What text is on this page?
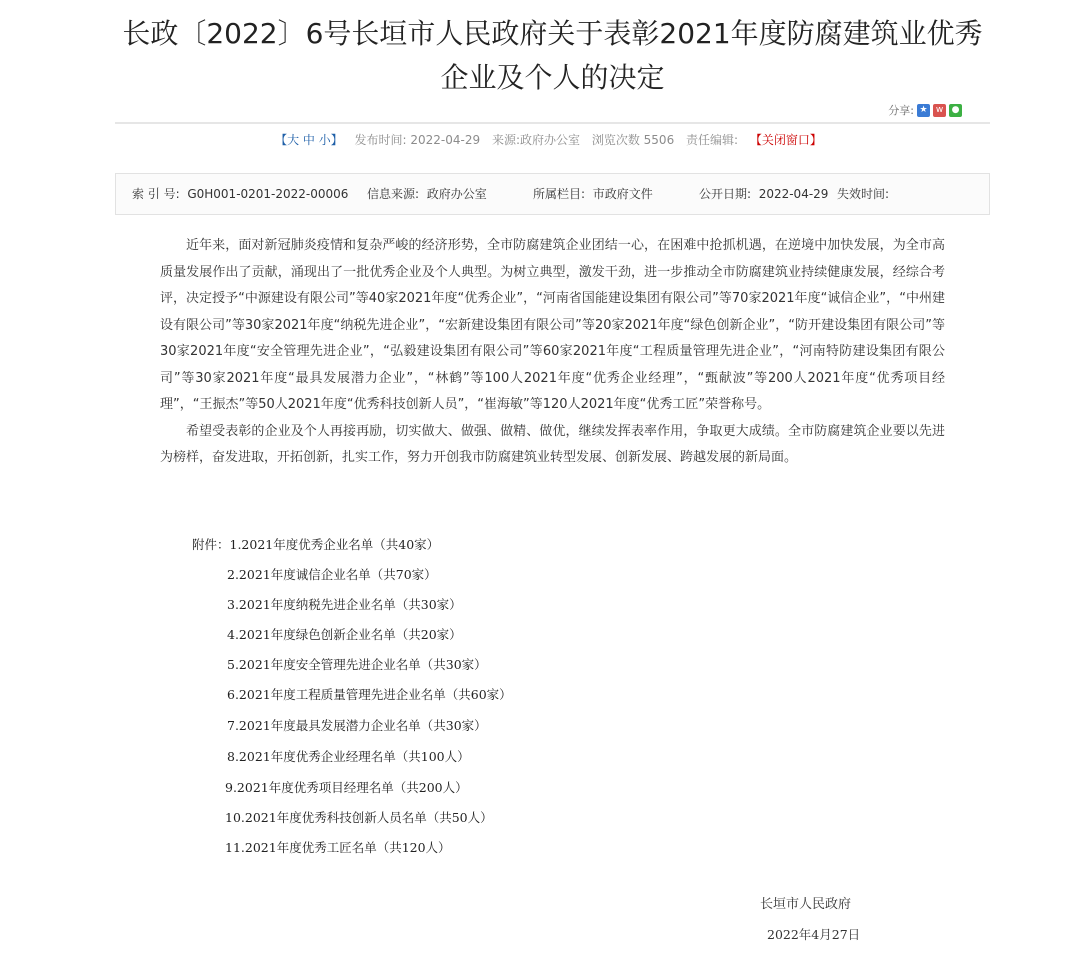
长政〔2022〕6号长垣市人民政府关于表彰2021年度防腐建筑业优秀企业及个人的决定
分享: ★ w ●
【大 中 小】 发布时间: 2022-04-29 来源:政府办公室 浏览次数 5506 责任编辑: 【关闭窗口】
索 引 号: G0H001-0201-2022-00006 信息来源: 政府办公室	所属栏目: 市政府文件	公开日期: 2022-04-29 失效时间:

近年来，面对新冠肺炎疫情和复杂严峻的经济形势，全市防腐建筑企业团结一心，在困难中抢抓机遇，在逆境中加快发展，为全市高质量发展作出了贡献，涌现出了一批优秀企业及个人典型。为树立典型，激发干劲，进一步推动全市防腐建筑业持续健康发展，经综合考评，决定授予“中源建设有限公司”等40家2021年度“优秀企业”，“河南省国能建设集团有限公司”等70家2021年度“诚信企业”，“中州建设有限公司”等30家2021年度“纳税先进企业”，“宏新建设集团有限公司”等20家2021年度“绿色创新企业”，“防开建设集团有限公司”等30家2021年度“安全管理先进企业”，“弘毅建设集团有限公司”等60家2021年度“工程质量管理先进企业”，“河南特防建设集团有限公司”等30家2021年度“最具发展潜力企业”，“林鹤”等100人2021年度“优秀企业经理”，“甄献波”等200人2021年度“优秀项目经理”，“王振杰”等50人2021年度“优秀科技创新人员”，“崔海敏”等120人2021年度“优秀工匠”荣誉称号。

希望受表彰的企业及个人再接再励，切实做大、做强、做精、做优，继续发挥表率作用，争取更大成绩。全市防腐建筑企业要以先进为榜样，奋发进取，开拓创新，扎实工作，努力开创我市防腐建筑业转型发展、创新发展、跨越发展的新局面。

附件：1.2021年度优秀企业名单（共40家）
2.2021年度诚信企业名单（共70家）
3.2021年度纳税先进企业名单（共30家）
4.2021年度绿色创新企业名单（共20家）
5.2021年度安全管理先进企业名单（共30家）
6.2021年度工程质量管理先进企业名单（共60家）
7.2021年度最具发展潜力企业名单（共30家）
8.2021年度优秀企业经理名单（共100人）
9.2021年度优秀项目经理名单（共200人）
10.2021年度优秀科技创新人员名单（共50人）
11.2021年度优秀工匠名单（共120人）
长垣市人民政府
2022年4月27日
